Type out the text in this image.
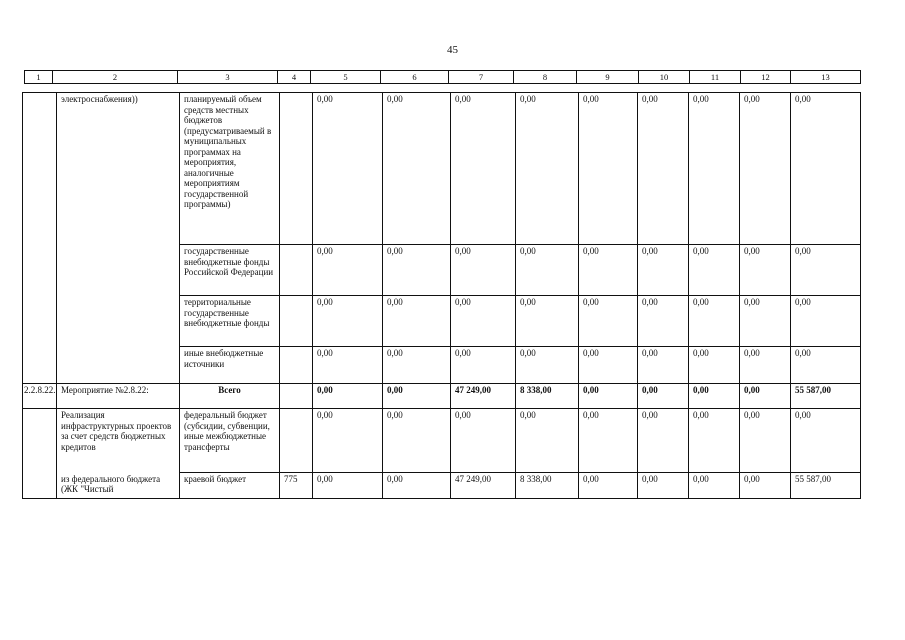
45
1	2	3	4	5	6	7	8	9	10	11	12	13
	электроснабжения))	планируемый объем средств местных бюджетов (предусматриваемый в муниципальных программах на мероприятия, аналогичные мероприятиям государственной программы)		0,00	0,00	0,00	0,00	0,00	0,00	0,00	0,00	0,00
		государственные внебюджетные фонды Российской Федерации		0,00	0,00	0,00	0,00	0,00	0,00	0,00	0,00	0,00
		территориальные государственные внебюджетные фонды		0,00	0,00	0,00	0,00	0,00	0,00	0,00	0,00	0,00
		иные внебюджетные источники		0,00	0,00	0,00	0,00	0,00	0,00	0,00	0,00	0,00
2.2.8.22.	Мероприятие №2.8.22:	Всего		0,00	0,00	47 249,00	8 338,00	0,00	0,00	0,00	0,00	55 587,00
	Реализация инфраструктурных проектов за счет средств бюджетных кредитов	федеральный бюджет (субсидии, субвенции, иные межбюджетные трансферты		0,00	0,00	0,00	0,00	0,00	0,00	0,00	0,00	0,00
	из федерального бюджета (ЖК "Чистый	краевой бюджет	775	0,00	0,00	47 249,00	8 338,00	0,00	0,00	0,00	0,00	55 587,00
